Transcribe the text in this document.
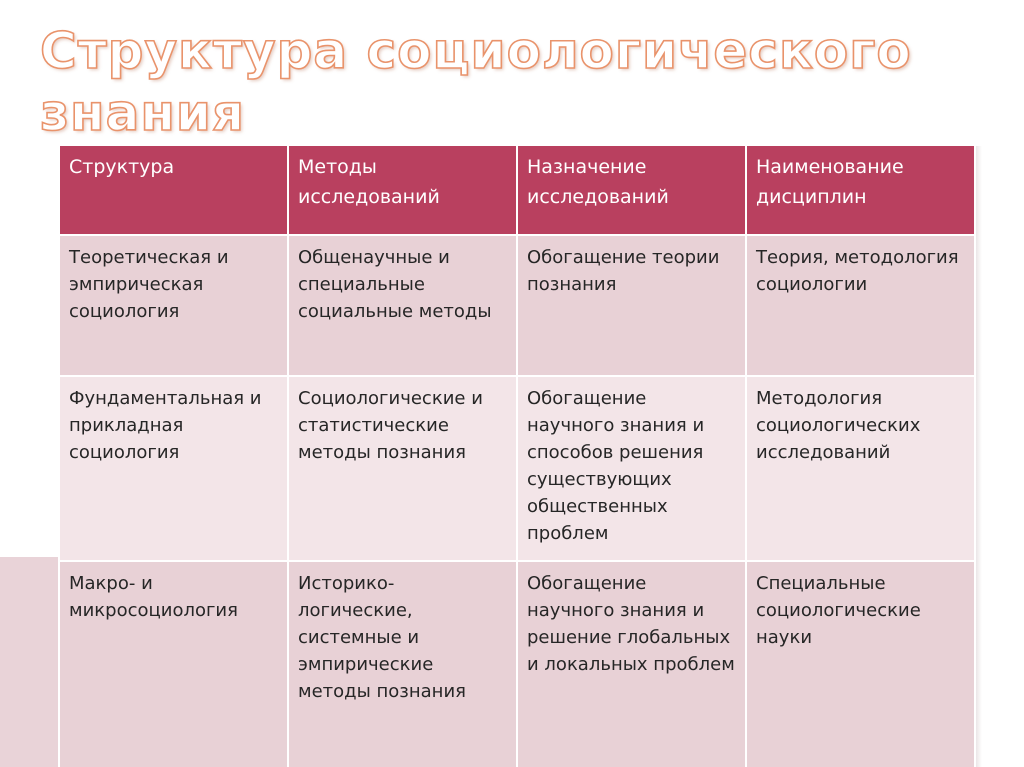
Структура социологического знания
Структура	Методы исследований	Назначение исследований	Наименование дисциплин
Теоретическая и эмпирическая социология	Общенаучные и специальные социальные методы	Обогащение теории познания	Теория, методология социологии
Фундаментальная и прикладная социология	Социологические и статистические методы познания	Обогащение научного знания и способов решения существующих общественных проблем	Методология социологических исследований
Макро- и микросоциология	Историко-логические, системные и эмпирические методы познания	Обогащение научного знания и решение глобальных и локальных проблем	Специальные социологические науки
